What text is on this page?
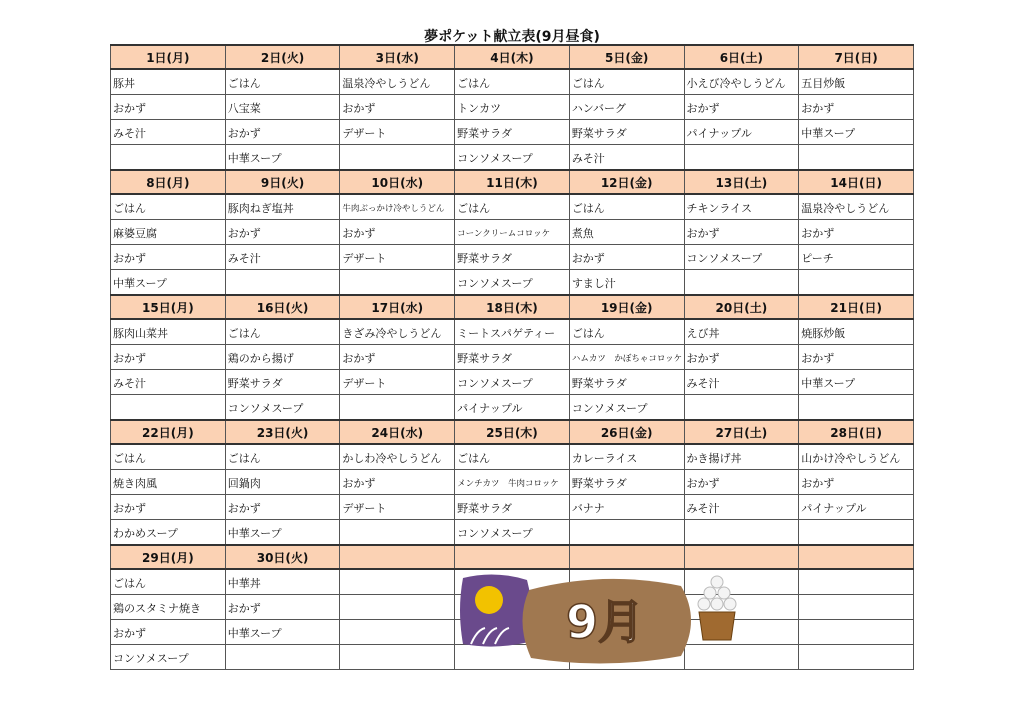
夢ポケット献立表(9月昼食)
1日(月)	2日(火)	3日(水)	4日(木)	5日(金)	6日(土)	7日(日)
豚丼	ごはん	温泉冷やしうどん	ごはん	ごはん	小えび冷やしうどん	五目炒飯
おかず	八宝菜	おかず	トンカツ	ハンバーグ	おかず	おかず
みそ汁	おかず	デザート	野菜サラダ	野菜サラダ	パイナップル	中華スープ
	中華スープ		コンソメスープ	みそ汁		
8日(月)	9日(火)	10日(水)	11日(木)	12日(金)	13日(土)	14日(日)
ごはん	豚肉ねぎ塩丼	牛肉ぶっかけ冷やしうどん	ごはん	ごはん	チキンライス	温泉冷やしうどん
麻婆豆腐	おかず	おかず	コーンクリームコロッケ	煮魚	おかず	おかず
おかず	みそ汁	デザート	野菜サラダ	おかず	コンソメスープ	ピーチ
中華スープ			コンソメスープ	すまし汁		
15日(月)	16日(火)	17日(水)	18日(木)	19日(金)	20日(土)	21日(日)
豚肉山菜丼	ごはん	きざみ冷やしうどん	ミートスパゲティー	ごはん	えび丼	焼豚炒飯
おかず	鶏のから揚げ	おかず	野菜サラダ	ハムカツ　かぼちゃコロッケ	おかず	おかず
みそ汁	野菜サラダ	デザート	コンソメスープ	野菜サラダ	みそ汁	中華スープ
	コンソメスープ		パイナップル	コンソメスープ		
22日(月)	23日(火)	24日(水)	25日(木)	26日(金)	27日(土)	28日(日)
ごはん	ごはん	かしわ冷やしうどん	ごはん	カレーライス	かき揚げ丼	山かけ冷やしうどん
焼き肉風	回鍋肉	おかず	メンチカツ　牛肉コロッケ	野菜サラダ	おかず	おかず
おかず	おかず	デザート	野菜サラダ	バナナ	みそ汁	パイナップル
わかめスープ	中華スープ		コンソメスープ			
29日(月)	30日(火)					
ごはん	中華丼					
鶏のスタミナ焼き	おかず					
おかず	中華スープ					
コンソメスープ						
9月
